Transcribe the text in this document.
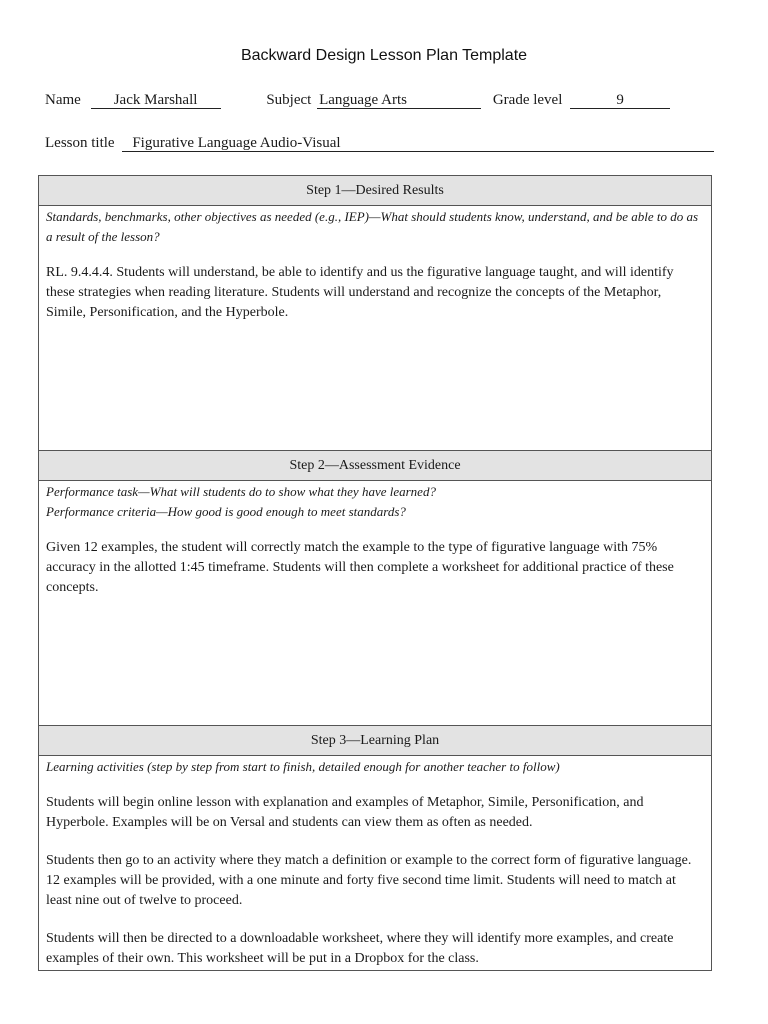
Backward Design Lesson Plan Template
Name Jack Marshall	Subject Language Arts	Grade level	9
Lesson title Figurative Language Audio-Visual
Step 1—Desired Results

Standards, benchmarks, other objectives as needed (e.g., IEP)—What should students know, understand, and be able to do as a result of the lesson?
RL. 9.4.4.4. Students will understand, be able to identify and us the figurative language taught, and will identify these strategies when reading literature. Students will understand and recognize the concepts of the Metaphor, Simile, Personification, and the Hyperbole.

Step 2—Assessment Evidence

Performance task—What will students do to show what they have learned?
Performance criteria—How good is good enough to meet standards?
Given 12 examples, the student will correctly match the example to the type of figurative language with 75% accuracy in the allotted 1:45 timeframe. Students will then complete a worksheet for additional practice of these concepts.

Step 3—Learning Plan

Learning activities (step by step from start to finish, detailed enough for another teacher to follow)
Students will begin online lesson with explanation and examples of Metaphor, Simile, Personification, and Hyperbole. Examples will be on Versal and students can view them as often as needed.
Students then go to an activity where they match a definition or example to the correct form of figurative language. 12 examples will be provided, with a one minute and forty five second time limit. Students will need to match at least nine out of twelve to proceed.
Students will then be directed to a downloadable worksheet, where they will identify more examples, and create examples of their own. This worksheet will be put in a Dropbox for the class.
